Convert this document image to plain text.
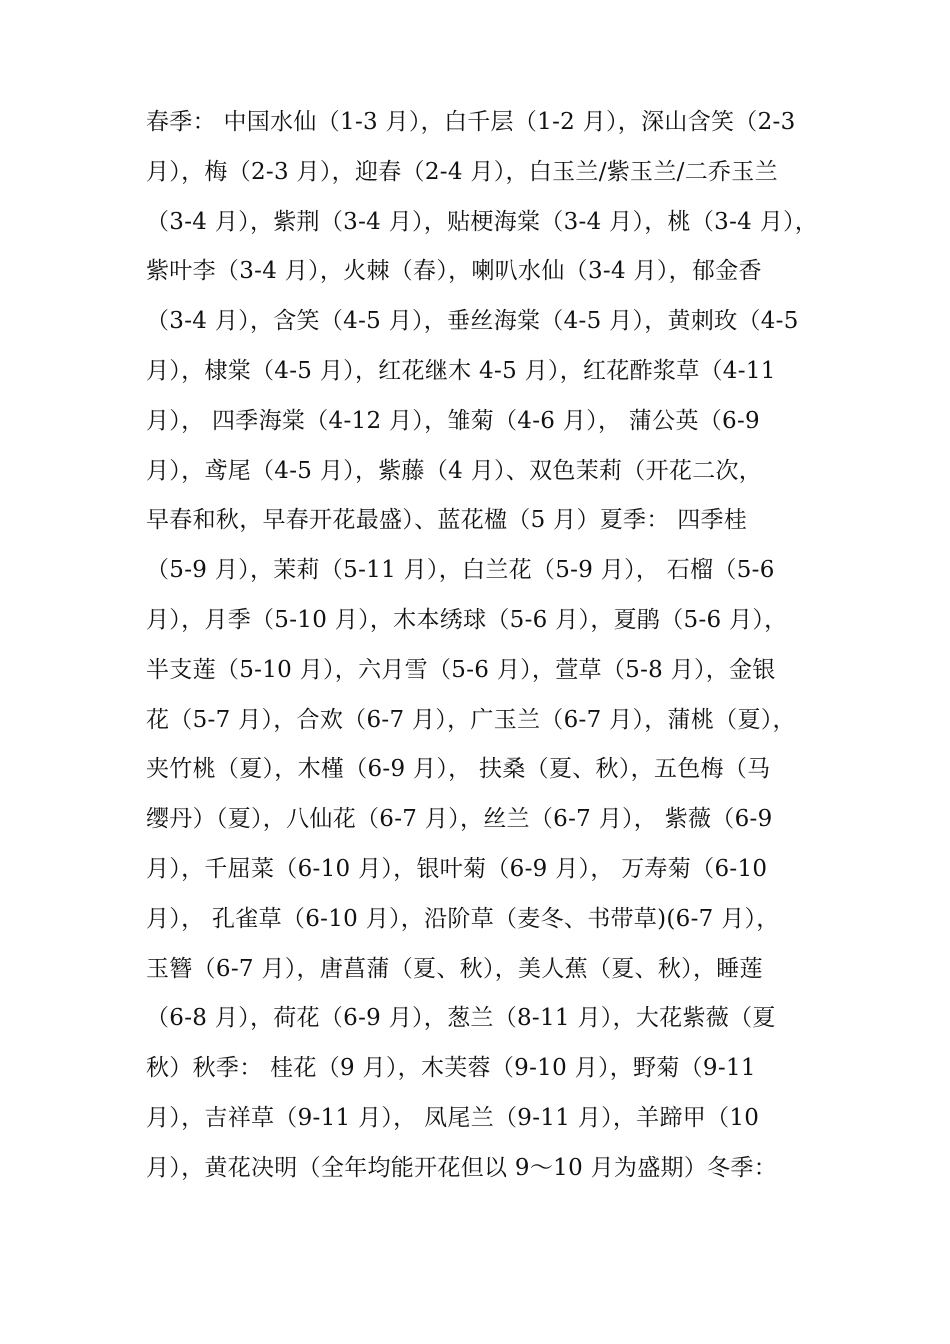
春季： 中国水仙（1-3 月），白千层（1-2 月），深山含笑（2-3
月），梅（2-3 月），迎春（2-4 月），白玉兰/紫玉兰/二乔玉兰
（3-4 月），紫荆（3-4 月），贴梗海棠（3-4 月），桃（3-4 月），
紫叶李（3-4 月），火棘（春），喇叭水仙（3-4 月），郁金香
（3-4 月），含笑（4-5 月），垂丝海棠（4-5 月），黄刺玫（4-5
月），棣棠（4-5 月），红花继木 4-5 月），红花酢浆草（4-11
月）， 四季海棠（4-12 月），雏菊（4-6 月）， 蒲公英（6-9
月），鸢尾（4-5 月），紫藤（4 月）、双色茉莉（开花二次，
早春和秋，早春开花最盛）、蓝花楹（5 月）夏季： 四季桂
（5-9 月），茉莉（5-11 月），白兰花（5-9 月）， 石榴（5-6
月），月季（5-10 月），木本绣球（5-6 月），夏鹃（5-6 月），
半支莲（5-10 月），六月雪（5-6 月），萱草（5-8 月），金银
花（5-7 月），合欢（6-7 月），广玉兰（6-7 月），蒲桃（夏），
夹竹桃（夏），木槿（6-9 月）， 扶桑（夏、秋），五色梅（马
缨丹）（夏），八仙花（6-7 月），丝兰（6-7 月）， 紫薇（6-9
月），千屈菜（6-10 月），银叶菊（6-9 月）， 万寿菊（6-10
月）， 孔雀草（6-10 月），沿阶草（麦冬、书带草)(6-7 月），
玉簪（6-7 月），唐菖蒲（夏、秋），美人蕉（夏、秋），睡莲
（6-8 月），荷花（6-9 月），葱兰（8-11 月），大花紫薇（夏
秋）秋季： 桂花（9 月），木芙蓉（9-10 月），野菊（9-11
月），吉祥草（9-11 月）， 凤尾兰（9-11 月），羊蹄甲（10
月），黄花决明（全年均能开花但以 9～10 月为盛期）冬季：
